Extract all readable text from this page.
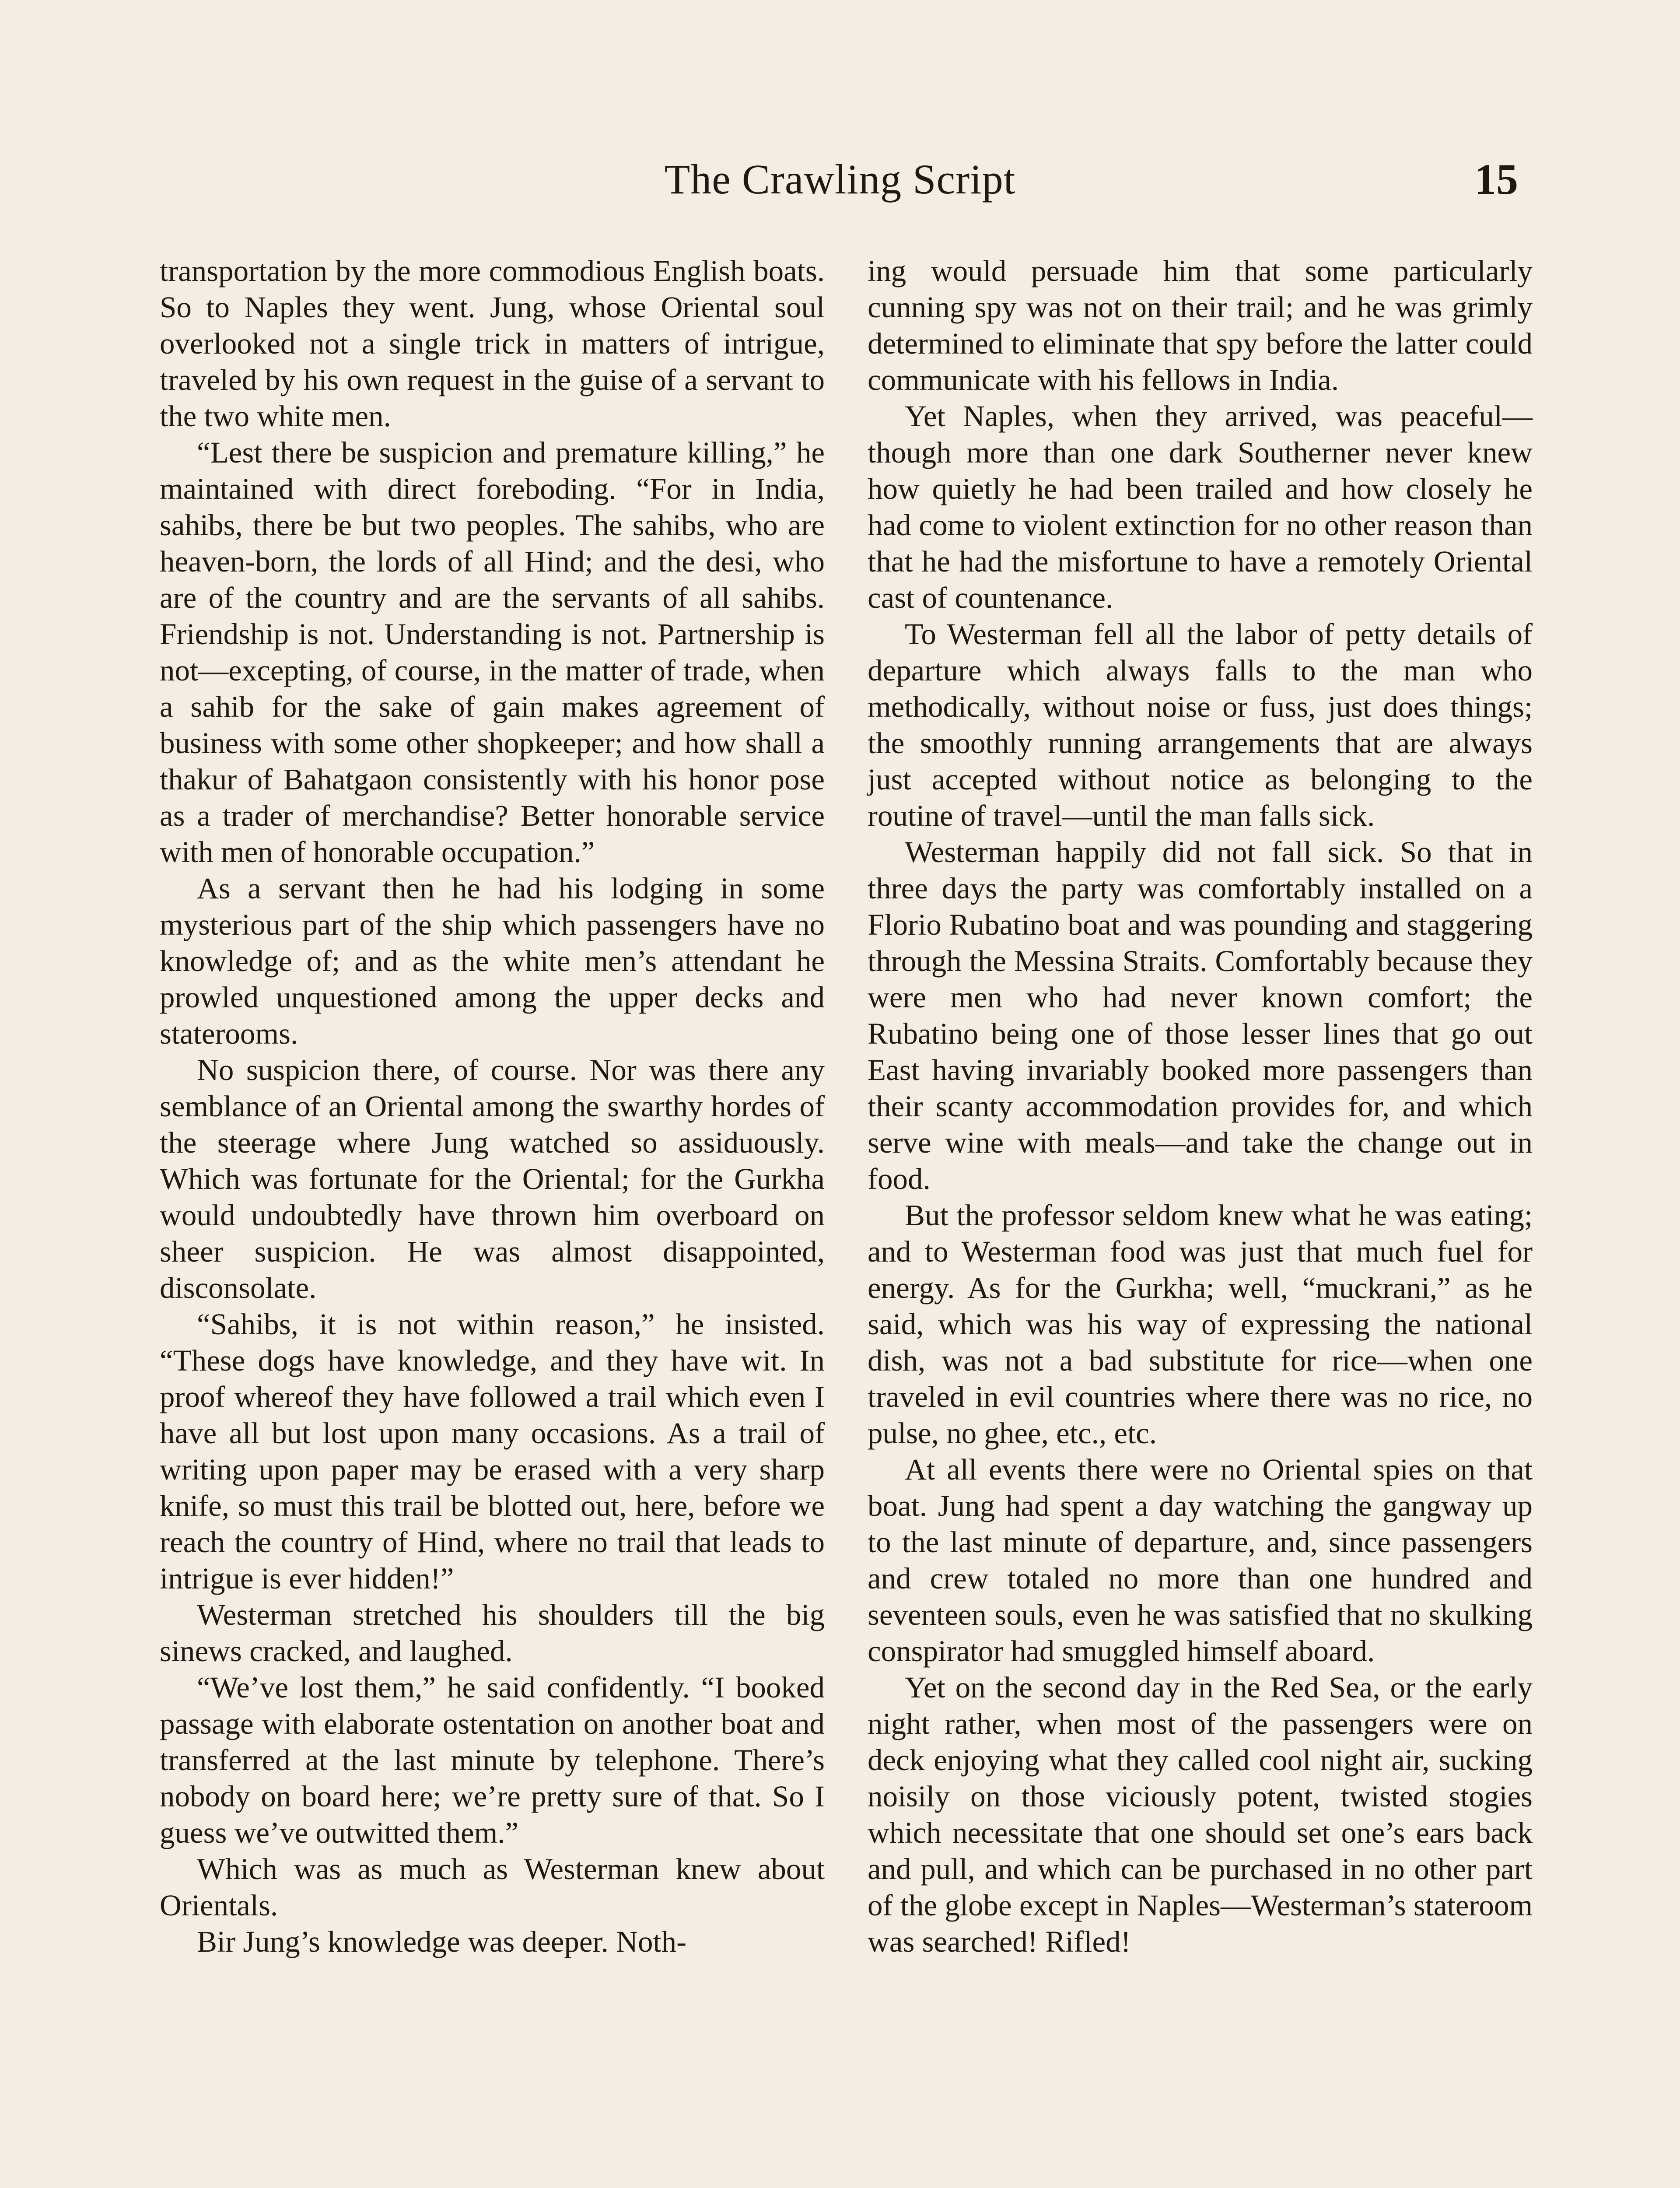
The Crawling Script	15

transportation by the more commodious English boats. So to Naples they went. Jung, whose Oriental soul overlooked not a single trick in matters of intrigue, traveled by his own request in the guise of a servant to the two white men.

“Lest there be suspicion and premature killing,” he maintained with direct foreboding. “For in India, sahibs, there be but two peoples. The sahibs, who are heaven-born, the lords of all Hind; and the desi, who are of the country and are the servants of all sahibs. Friendship is not. Understanding is not. Partnership is not—excepting, of course, in the matter of trade, when a sahib for the sake of gain makes agreement of business with some other shopkeeper; and how shall a thakur of Bahatgaon consistently with his honor pose as a trader of merchandise? Better honorable service with men of honorable occupation.”

As a servant then he had his lodging in some mysterious part of the ship which passengers have no knowledge of; and as the white men’s attendant he prowled unquestioned among the upper decks and staterooms.

No suspicion there, of course. Nor was there any semblance of an Oriental among the swarthy hordes of the steerage where Jung watched so assiduously. Which was fortunate for the Oriental; for the Gurkha would undoubtedly have thrown him overboard on sheer suspicion. He was almost disappointed, disconsolate.

“Sahibs, it is not within reason,” he insisted. “These dogs have knowledge, and they have wit. In proof whereof they have followed a trail which even I have all but lost upon many occasions. As a trail of writing upon paper may be erased with a very sharp knife, so must this trail be blotted out, here, before we reach the country of Hind, where no trail that leads to intrigue is ever hidden!”

Westerman stretched his shoulders till the big sinews cracked, and laughed.

“We’ve lost them,” he said confidently. “I booked passage with elaborate ostentation on another boat and transferred at the last minute by telephone. There’s nobody on board here; we’re pretty sure of that. So I guess we’ve outwitted them.”

Which was as much as Westerman knew about Orientals.

Bir Jung’s knowledge was deeper. Noth-

ing would persuade him that some particularly cunning spy was not on their trail; and he was grimly determined to eliminate that spy before the latter could communicate with his fellows in India.

Yet Naples, when they arrived, was peaceful—though more than one dark Southerner never knew how quietly he had been trailed and how closely he had come to violent extinction for no other reason than that he had the misfortune to have a remotely Oriental cast of countenance.

To Westerman fell all the labor of petty details of departure which always falls to the man who methodically, without noise or fuss, just does things; the smoothly running arrangements that are always just accepted without notice as belonging to the routine of travel—until the man falls sick.

Westerman happily did not fall sick. So that in three days the party was comfortably installed on a Florio Rubatino boat and was pounding and staggering through the Messina Straits. Comfortably because they were men who had never known comfort; the Rubatino being one of those lesser lines that go out East having invariably booked more passengers than their scanty accommodation provides for, and which serve wine with meals—and take the change out in food.

But the professor seldom knew what he was eating; and to Westerman food was just that much fuel for energy. As for the Gurkha; well, “muckrani,” as he said, which was his way of expressing the national dish, was not a bad substitute for rice—when one traveled in evil countries where there was no rice, no pulse, no ghee, etc., etc.

At all events there were no Oriental spies on that boat. Jung had spent a day watching the gangway up to the last minute of departure, and, since passengers and crew totaled no more than one hundred and seventeen souls, even he was satisfied that no skulking conspirator had smuggled himself aboard.

Yet on the second day in the Red Sea, or the early night rather, when most of the passengers were on deck enjoying what they called cool night air, sucking noisily on those viciously potent, twisted stogies which necessitate that one should set one’s ears back and pull, and which can be purchased in no other part of the globe except in Naples—Westerman’s stateroom was searched! Rifled!
